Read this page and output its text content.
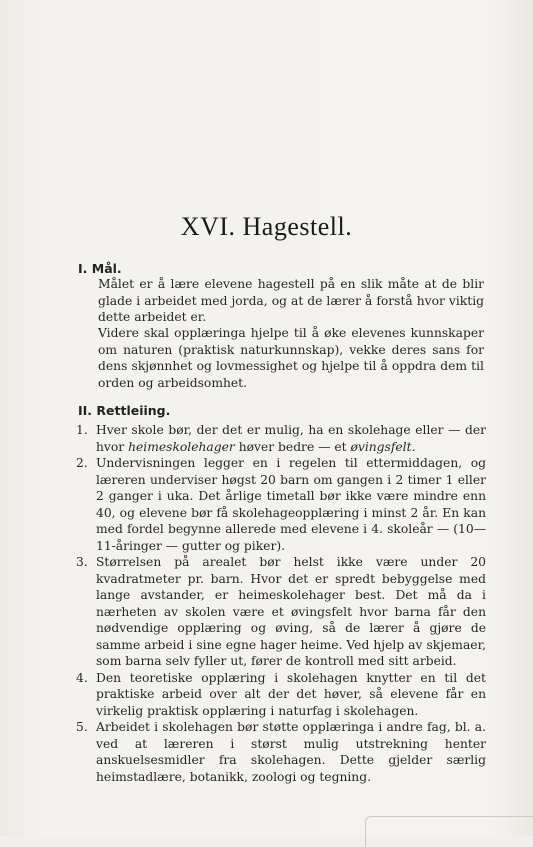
XVI. Hagestell.
I. Mål.
Målet er å lære elevene hagestell på en slik måte at de blir glade i arbeidet med jorda, og at de lærer å forstå hvor viktig dette arbeidet er.
Videre skal opplæringa hjelpe til å øke elevenes kunnskaper om naturen (praktisk naturkunnskap), vekke deres sans for dens skjønnhet og lovmessighet og hjelpe til å oppdra dem til orden og arbeidsomhet.
II. Rettleiing.
1. Hver skole bør, der det er mulig, ha en skolehage eller — der hvor heimeskolehager høver bedre — et øvingsfelt.
2. Undervisningen legger en i regelen til ettermiddagen, og læreren underviser høgst 20 barn om gangen i 2 timer 1 eller 2 ganger i uka. Det årlige timetall bør ikke være mindre enn 40, og elevene bør få skolehageopplæring i minst 2 år. En kan med fordel begynne allerede med elevene i 4. skoleår — (10—11-åringer — gutter og piker).
3. Størrelsen på arealet bør helst ikke være under 20 kvadratmeter pr. barn. Hvor det er spredt bebyggelse med lange avstander, er heimeskolehager best. Det må da i nærheten av skolen være et øvingsfelt hvor barna får den nødvendige opplæring og øving, så de lærer å gjøre de samme arbeid i sine egne hager heime. Ved hjelp av skjemaer, som barna selv fyller ut, fører de kontroll med sitt arbeid.
4. Den teoretiske opplæring i skolehagen knytter en til det praktiske arbeid over alt der det høver, så elevene får en virkelig praktisk opplæring i naturfag i skolehagen.
5. Arbeidet i skolehagen bør støtte opplæringa i andre fag, bl. a. ved at læreren i størst mulig utstrekning henter anskuelsesmidler fra skolehagen. Dette gjelder særlig heimstadlære, botanikk, zoologi og tegning.
